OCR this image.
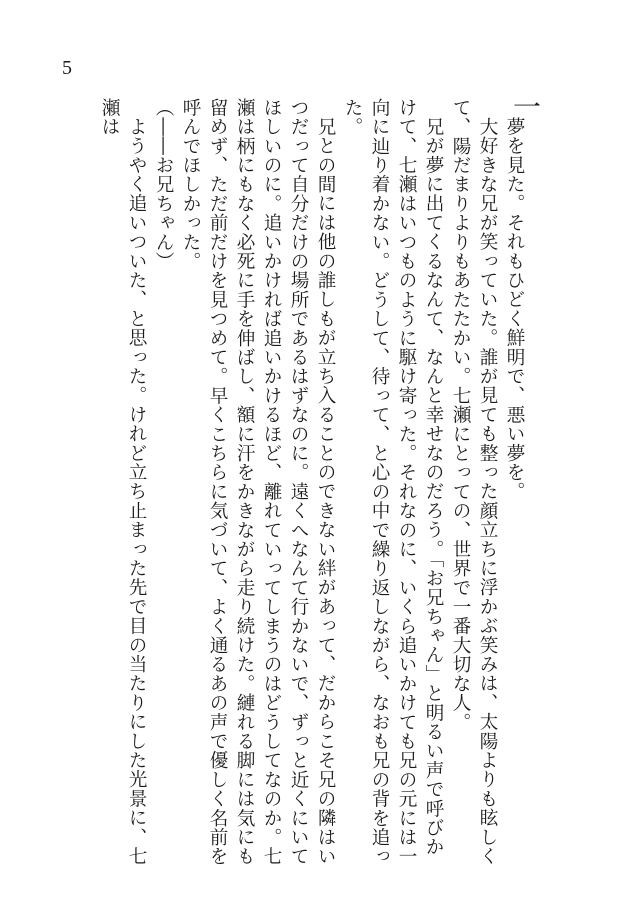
5
一

夢を見た。それもひどく鮮明で、悪い夢を。

大好きな兄が笑っていた。誰が見ても整った顔立ちに浮かぶ笑みは、太陽よりも眩しくて、陽だまりよりもあたたかい。七瀬にとっての、世界で一番大切な人。

兄が夢に出てくるなんて、なんと幸せなのだろう。「お兄ちゃん」と明るい声で呼びかけて、七瀬はいつものように駆け寄った。それなのに、いくら追いかけても兄の元には一向に辿り着かない。どうして、待って、と心の中で繰り返しながら、なおも兄の背を追った。

兄との間には他の誰しもが立ち入ることのできない絆があって、だからこそ兄の隣はいつだって自分だけの場所であるはずなのに。遠くへなんて行かないで、ずっと近くにいてほしいのに。追いかければ追いかけるほど、離れていってしまうのはどうしてなのか。七瀬は柄にもなく必死に手を伸ばし、額に汗をかきながら走り続けた。縺れる脚には気にも留めず、ただ前だけを見つめて。早くこちらに気づいて、よく通るあの声で優しく名前を呼んでほしかった。

（――お兄ちゃん）

ようやく追いついた、と思った。けれど立ち止まった先で目の当たりにした光景に、七瀬は
